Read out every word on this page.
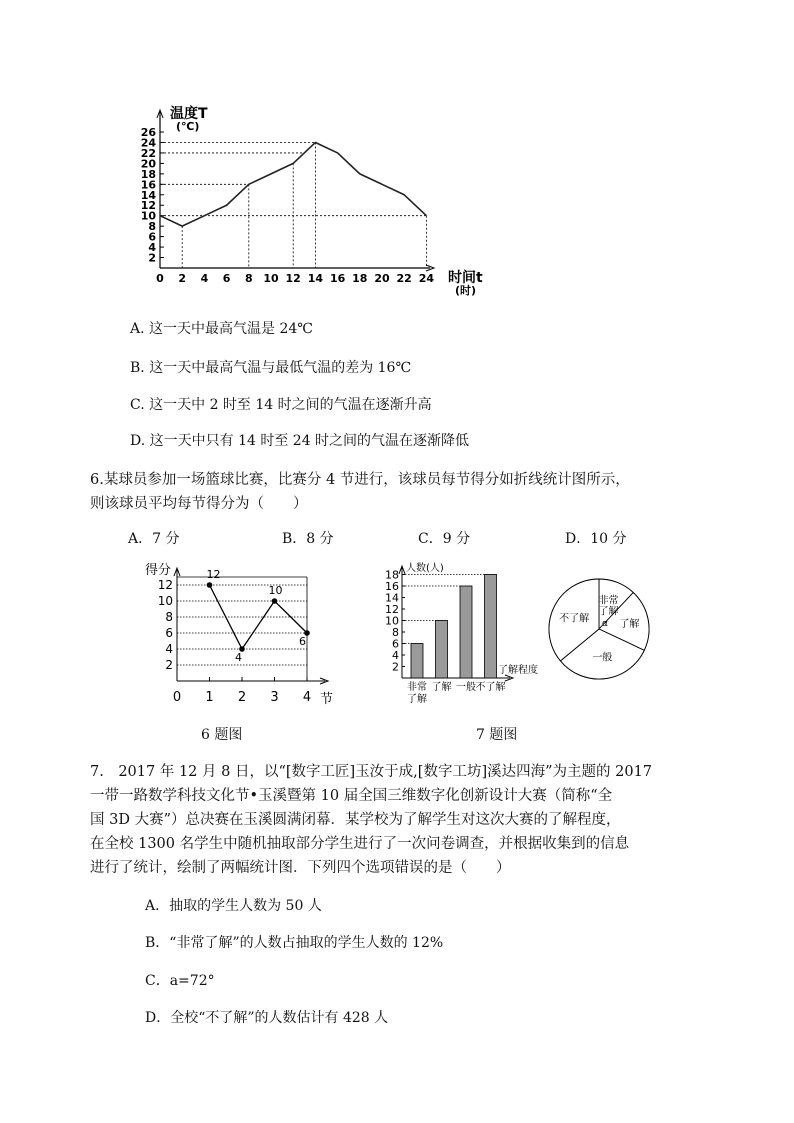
2
4
6
8
10
12
14
16
18
20
22
24
26
0 2 4 6 8 10 12 14 16 18 20 22 24
温度T
(℃)
时间t
(时)
A. 这一天中最高气温是 24℃
B. 这一天中最高气温与最低气温的差为 16℃
C. 这一天中 2 时至 14 时之间的气温在逐渐升高
D. 这一天中只有 14 时至 24 时之间的气温在逐渐降低
6.某球员参加一场篮球比赛，比赛分 4 节进行，该球员每节得分如折线统计图所示，
则该球员平均每节得分为（　　）
A．7 分	B．8 分	C．9 分	D．10 分
得分
节
2
4
6
8
10
12
0 1 2 3 4
12
4
10
6
人数(人)
了解程度
2
4
6
8
10
12
14
16
18
非常
了解
了解 一般 不了解
非常
了解
了解
一般
不了解 α
6 题图	7 题图
7.　2017 年 12 月 8 日，以“[数字工匠]玉汝于成,[数字工坊]溪达四海”为主题的 2017
一带一路数学科技文化节•玉溪暨第 10 届全国三维数字化创新设计大赛（简称“全
国 3D 大赛”）总决赛在玉溪圆满闭幕．某学校为了解学生对这次大赛的了解程度，
在全校 1300 名学生中随机抽取部分学生进行了一次问卷调查，并根据收集到的信息
进行了统计，绘制了两幅统计图．下列四个选项错误的是（　　）
A．抽取的学生人数为 50 人
B．“非常了解”的人数占抽取的学生人数的 12%
C．a=72°
D．全校“不了解”的人数估计有 428 人
